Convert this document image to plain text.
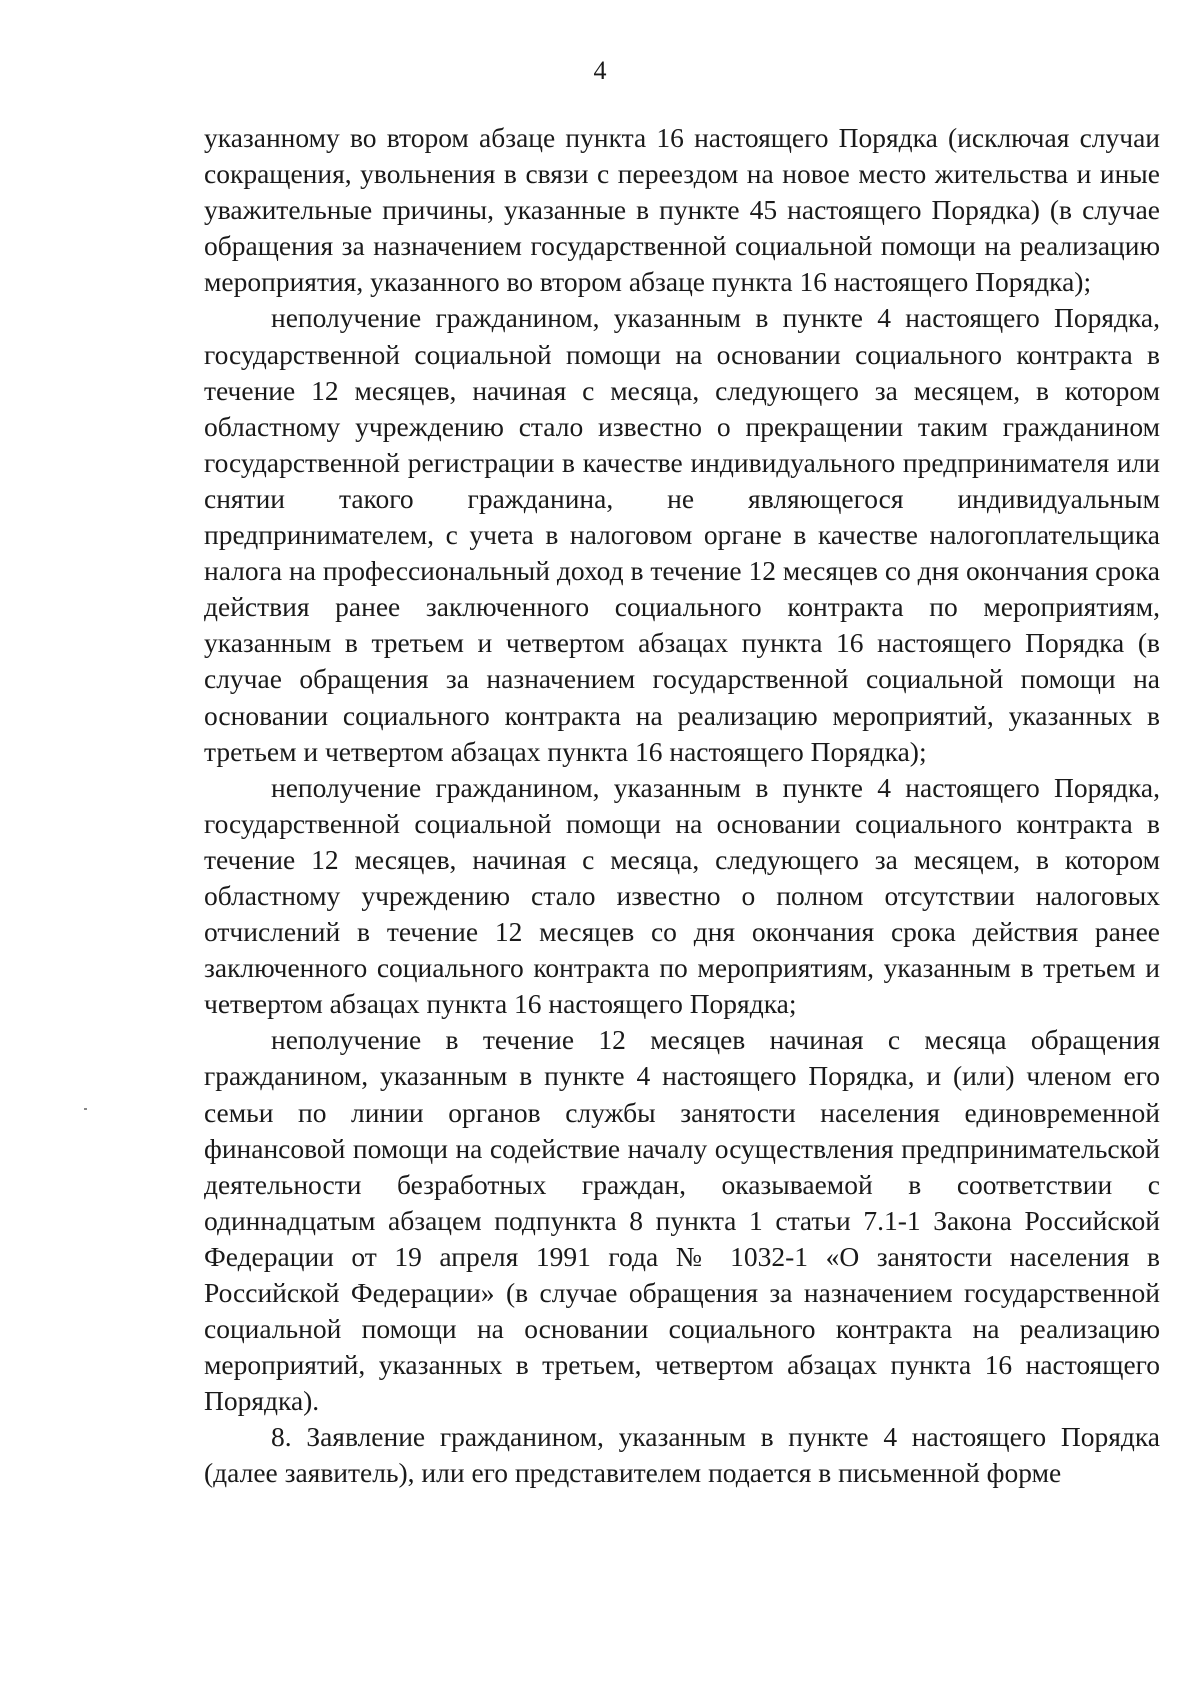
4

указанному во втором абзаце пункта 16 настоящего Порядка (исключая случаи сокращения, увольнения в связи с переездом на новое место жительства и иные уважительные причины, указанные в пункте 45 настоящего Порядка) (в случае обращения за назначением государственной социальной помощи на реализацию мероприятия, указанного во втором абзаце пункта 16 настоящего Порядка);

неполучение гражданином, указанным в пункте 4 настоящего Порядка, государственной социальной помощи на основании социального контракта в течение 12 месяцев, начиная с месяца, следующего за месяцем, в котором областному учреждению стало известно о прекращении таким гражданином государственной регистрации в качестве индивидуального предпринимателя или снятии такого гражданина, не являющегося индивидуальным предпринимателем, с учета в налоговом органе в качестве налогоплательщика налога на профессиональный доход в течение 12 месяцев со дня окончания срока действия ранее заключенного социального контракта по мероприятиям, указанным в третьем и четвертом абзацах пункта 16 настоящего Порядка (в случае обращения за назначением государственной социальной помощи на основании социального контракта на реализацию мероприятий, указанных в третьем и четвертом абзацах пункта 16 настоящего Порядка);

неполучение гражданином, указанным в пункте 4 настоящего Порядка, государственной социальной помощи на основании социального контракта в течение 12 месяцев, начиная с месяца, следующего за месяцем, в котором областному учреждению стало известно о полном отсутствии налоговых отчислений в течение 12 месяцев со дня окончания срока действия ранее заключенного социального контракта по мероприятиям, указанным в третьем и четвертом абзацах пункта 16 настоящего Порядка;

неполучение в течение 12 месяцев начиная с месяца обращения гражданином, указанным в пункте 4 настоящего Порядка, и (или) членом его семьи по линии органов службы занятости населения единовременной финансовой помощи на содействие началу осуществления предпринимательской деятельности безработных граждан, оказываемой в соответствии с одиннадцатым абзацем подпункта 8 пункта 1 статьи 7.1-1 Закона Российской Федерации от 19 апреля 1991 года № 1032-1 «О занятости населения в Российской Федерации» (в случае обращения за назначением государственной социальной помощи на основании социального контракта на реализацию мероприятий, указанных в третьем, четвертом абзацах пункта 16 настоящего Порядка).

8. Заявление гражданином, указанным в пункте 4 настоящего Порядка (далее заявитель), или его представителем подается в письменной форме
